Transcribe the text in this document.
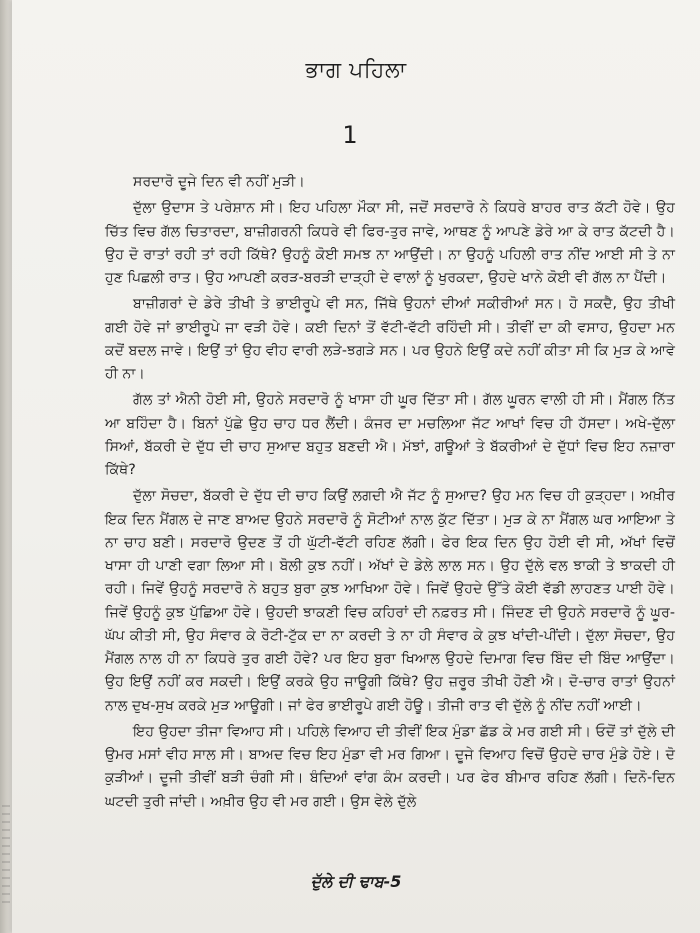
ਭਾਗ ਪਹਿਲਾ
ਦੁੱਲੇ ਦੀ ਢਾਬ-5
1

ਸਰਦਾਰੋ ਦੂਜੇ ਦਿਨ ਵੀ ਨਹੀਂ ਮੁੜੀ।

ਦੁੱਲਾ ਉਦਾਸ ਤੇ ਪਰੇਸ਼ਾਨ ਸੀ। ਇਹ ਪਹਿਲਾ ਮੌਕਾ ਸੀ, ਜਦੋਂ ਸਰਦਾਰੋ ਨੇ ਕਿਧਰੇ ਬਾਹਰ ਰਾਤ ਕੱਟੀ ਹੋਵੇ। ਉਹ ਚਿੱਤ ਵਿਚ ਗੱਲ ਚਿਤਾਰਦਾ, ਬਾਜ਼ੀਗਰਨੀ ਕਿਧਰੇ ਵੀ ਫਿਰ-ਤੁਰ ਜਾਵੇ, ਆਥਣ ਨੂੰ ਆਪਣੇ ਡੇਰੇ ਆ ਕੇ ਰਾਤ ਕੱਟਦੀ ਹੈ। ਉਹ ਦੋ ਰਾਤਾਂ ਰਹੀ ਤਾਂ ਰਹੀ ਕਿੱਥੇ? ਉਹਨੂੰ ਕੋਈ ਸਮਝ ਨਾ ਆਉਂਦੀ। ਨਾ ਉਹਨੂੰ ਪਹਿਲੀ ਰਾਤ ਨੀਂਦ ਆਈ ਸੀ ਤੇ ਨਾ ਹੁਣ ਪਿਛਲੀ ਰਾਤ। ਉਹ ਆਪਣੀ ਕਰੜ-ਬਰੜੀ ਦਾੜ੍ਹੀ ਦੇ ਵਾਲਾਂ ਨੂੰ ਖੁਰਕਦਾ, ਉਹਦੇ ਖਾਨੇ ਕੋਈ ਵੀ ਗੱਲ ਨਾ ਪੈਂਦੀ।

ਬਾਜ਼ੀਗਰਾਂ ਦੇ ਡੇਰੇ ਤੀਖੀ ਤੇ ਭਾਈਰੂਪੇ ਵੀ ਸਨ, ਜਿੱਥੇ ਉਹਨਾਂ ਦੀਆਂ ਸਕੀਰੀਆਂ ਸਨ। ਹੋ ਸਕਦੈ, ਉਹ ਤੀਖੀ ਗਈ ਹੋਵੇ ਜਾਂ ਭਾਈਰੂਪੇ ਜਾ ਵੜੀ ਹੋਵੇ। ਕਈ ਦਿਨਾਂ ਤੋਂ ਵੱਟੀ-ਵੱਟੀ ਰਹਿੰਦੀ ਸੀ। ਤੀਵੀਂ ਦਾ ਕੀ ਵਸਾਹ, ਉਹਦਾ ਮਨ ਕਦੋਂ ਬਦਲ ਜਾਵੇ। ਇਉਂ ਤਾਂ ਉਹ ਵੀਹ ਵਾਰੀ ਲੜੇ-ਝਗੜੇ ਸਨ। ਪਰ ਉਹਨੇ ਇਉਂ ਕਦੇ ਨਹੀਂ ਕੀਤਾ ਸੀ ਕਿ ਮੁੜ ਕੇ ਆਵੇ ਹੀ ਨਾ।

ਗੱਲ ਤਾਂ ਐਨੀ ਹੋਈ ਸੀ, ਉਹਨੇ ਸਰਦਾਰੋ ਨੂੰ ਖਾਸਾ ਹੀ ਘੂਰ ਦਿੱਤਾ ਸੀ। ਗੱਲ ਘੂਰਨ ਵਾਲੀ ਹੀ ਸੀ। ਮੈਂਗਲ ਨਿੱਤ ਆ ਬਹਿੰਦਾ ਹੈ। ਬਿਨਾਂ ਪੁੱਛੇ ਉਹ ਚਾਹ ਧਰ ਲੈਂਦੀ। ਕੰਜਰ ਦਾ ਮਚਲਿਆ ਜੱਟ ਆਖਾਂ ਵਿਚ ਹੀ ਹੱਸਦਾ। ਅਖੇ-ਦੁੱਲਾ ਸਿਆਂ, ਬੱਕਰੀ ਦੇ ਦੁੱਧ ਦੀ ਚਾਹ ਸੁਆਦ ਬਹੁਤ ਬਣਦੀ ਐ। ਮੱਝਾਂ, ਗਊਆਂ ਤੇ ਬੱਕਰੀਆਂ ਦੇ ਦੁੱਧਾਂ ਵਿਚ ਇਹ ਨਜ਼ਾਰਾ ਕਿੱਥੇ?

ਦੁੱਲਾ ਸੋਚਦਾ, ਬੱਕਰੀ ਦੇ ਦੁੱਧ ਦੀ ਚਾਹ ਕਿਉਂ ਲਗਦੀ ਐ ਜੱਟ ਨੂੰ ਸੁਆਦ? ਉਹ ਮਨ ਵਿਚ ਹੀ ਕੁੜ੍ਹਦਾ। ਅਖ਼ੀਰ ਇਕ ਦਿਨ ਮੈਂਗਲ ਦੇ ਜਾਣ ਬਾਅਦ ਉਹਨੇ ਸਰਦਾਰੋ ਨੂੰ ਸੋਟੀਆਂ ਨਾਲ ਕੁੱਟ ਦਿੱਤਾ। ਮੁੜ ਕੇ ਨਾ ਮੈਂਗਲ ਘਰ ਆਇਆ ਤੇ ਨਾ ਚਾਹ ਬਣੀ। ਸਰਦਾਰੋ ਉਦਣ ਤੋਂ ਹੀ ਘੁੱਟੀ-ਵੱਟੀ ਰਹਿਣ ਲੱਗੀ। ਫੇਰ ਇਕ ਦਿਨ ਉਹ ਹੋਈ ਵੀ ਸੀ, ਅੱਖਾਂ ਵਿਚੋਂ ਖਾਸਾ ਹੀ ਪਾਣੀ ਵਗਾ ਲਿਆ ਸੀ। ਬੋਲੀ ਕੁਝ ਨਹੀਂ। ਅੱਖਾਂ ਦੇ ਡੇਲੇ ਲਾਲ ਸਨ। ਉਹ ਦੁੱਲੇ ਵਲ ਝਾਕੀ ਤੇ ਝਾਕਦੀ ਹੀ ਰਹੀ। ਜਿਵੇਂ ਉਹਨੂੰ ਸਰਦਾਰੋ ਨੇ ਬਹੁਤ ਬੁਰਾ ਕੁਝ ਆਖਿਆ ਹੋਵੇ। ਜਿਵੇਂ ਉਹਦੇ ਉੱਤੇ ਕੋਈ ਵੱਡੀ ਲਾਹਣਤ ਪਾਈ ਹੋਵੇ। ਜਿਵੇਂ ਉਹਨੂੰ ਕੁਝ ਪੁੱਛਿਆ ਹੋਵੇ। ਉਹਦੀ ਝਾਕਣੀ ਵਿਚ ਕਹਿਰਾਂ ਦੀ ਨਫ਼ਰਤ ਸੀ। ਜਿੰਦਣ ਦੀ ਉਹਨੇ ਸਰਦਾਰੋ ਨੂੰ ਘੂਰ-ਘੱਪ ਕੀਤੀ ਸੀ, ਉਹ ਸੰਵਾਰ ਕੇ ਰੋਟੀ-ਟੁੱਕ ਦਾ ਨਾ ਕਰਦੀ ਤੇ ਨਾ ਹੀ ਸੰਵਾਰ ਕੇ ਕੁਝ ਖਾਂਦੀ-ਪੀਂਦੀ। ਦੁੱਲਾ ਸੋਚਦਾ, ਉਹ ਮੈਂਗਲ ਨਾਲ ਹੀ ਨਾ ਕਿਧਰੇ ਤੁਰ ਗਈ ਹੋਵੇ? ਪਰ ਇਹ ਬੁਰਾ ਖਿਆਲ ਉਹਦੇ ਦਿਮਾਗ ਵਿਚ ਬਿੰਦ ਦੀ ਬਿੰਦ ਆਉਂਦਾ। ਉਹ ਇਉਂ ਨਹੀਂ ਕਰ ਸਕਦੀ। ਇਉਂ ਕਰਕੇ ਉਹ ਜਾਊਗੀ ਕਿੱਥੇ? ਉਹ ਜ਼ਰੂਰ ਤੀਖੀ ਹੋਣੀ ਐ। ਦੋ-ਚਾਰ ਰਾਤਾਂ ਉਹਨਾਂ ਨਾਲ ਦੁਖ-ਸੁਖ ਕਰਕੇ ਮੁੜ ਆਊਗੀ। ਜਾਂ ਫੇਰ ਭਾਈਰੂਪੇ ਗਈ ਹੋਊ। ਤੀਜੀ ਰਾਤ ਵੀ ਦੁੱਲੇ ਨੂੰ ਨੀਂਦ ਨਹੀਂ ਆਈ।

ਇਹ ਉਹਦਾ ਤੀਜਾ ਵਿਆਹ ਸੀ। ਪਹਿਲੇ ਵਿਆਹ ਦੀ ਤੀਵੀਂ ਇਕ ਮੁੰਡਾ ਛੱਡ ਕੇ ਮਰ ਗਈ ਸੀ। ਓਦੋਂ ਤਾਂ ਦੁੱਲੇ ਦੀ ਉਮਰ ਮਸਾਂ ਵੀਹ ਸਾਲ ਸੀ। ਬਾਅਦ ਵਿਚ ਇਹ ਮੁੰਡਾ ਵੀ ਮਰ ਗਿਆ। ਦੂਜੇ ਵਿਆਹ ਵਿਚੋਂ ਉਹਦੇ ਚਾਰ ਮੁੰਡੇ ਹੋਏ। ਦੋ ਕੁੜੀਆਂ। ਦੂਜੀ ਤੀਵੀਂ ਬੜੀ ਚੰਗੀ ਸੀ। ਬੰਦਿਆਂ ਵਾਂਗ ਕੰਮ ਕਰਦੀ। ਪਰ ਫੇਰ ਬੀਮਾਰ ਰਹਿਣ ਲੱਗੀ। ਦਿਨੋ-ਦਿਨ ਘਟਦੀ ਤੁਰੀ ਜਾਂਦੀ। ਅਖ਼ੀਰ ਉਹ ਵੀ ਮਰ ਗਈ। ਉਸ ਵੇਲੇ ਦੁੱਲੇ
